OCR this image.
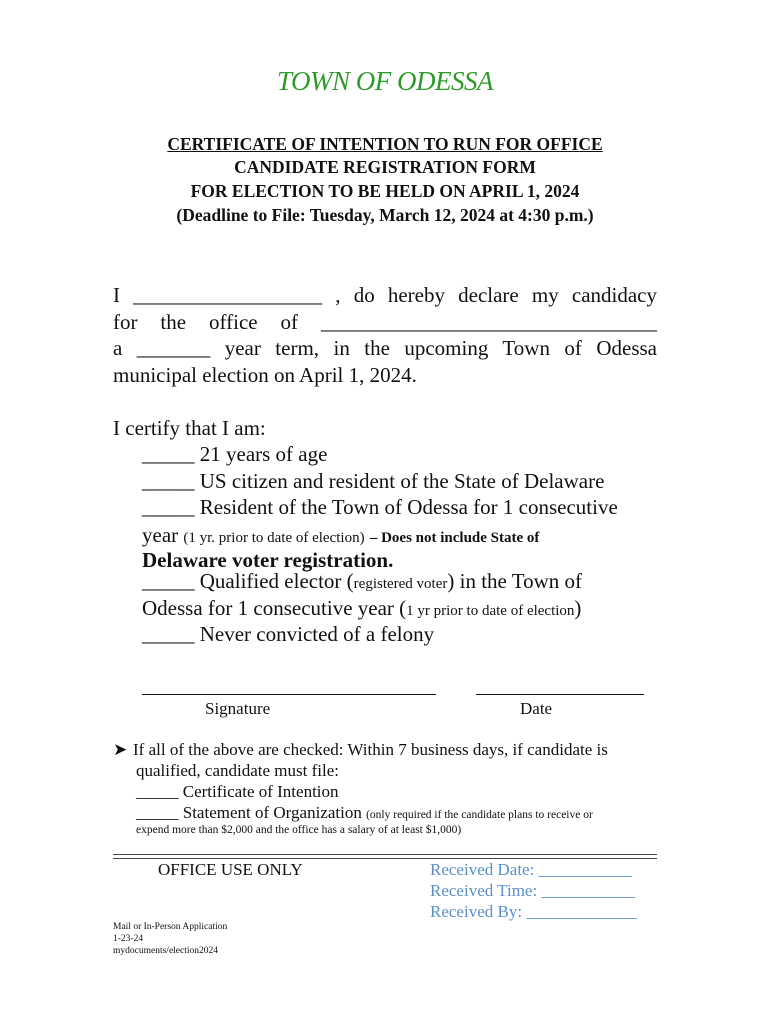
TOWN OF ODESSA
CERTIFICATE OF INTENTION TO RUN FOR OFFICE
CANDIDATE REGISTRATION FORM
FOR ELECTION TO BE HELD ON APRIL 1, 2024
(Deadline to File: Tuesday, March 12, 2024 at 4:30 p.m.)
I __________________ , do hereby declare my candidacy
for the office of ________________________________
a _______ year term, in the upcoming Town of Odessa
municipal election on April 1, 2024.
I certify that I am:
_____ 21 years of age
_____ US citizen and resident of the State of Delaware
_____ Resident of the Town of Odessa for 1 consecutive
year (1 yr. prior to date of election) – Does not include State of
Delaware voter registration.
_____ Qualified elector (registered voter) in the Town of
Odessa for 1 consecutive year (1 yr prior to date of election)
_____ Never convicted of a felony
Signature	Date
➤ If all of the above are checked: Within 7 business days, if candidate is
qualified, candidate must file:
_____ Certificate of Intention
_____ Statement of Organization (only required if the candidate plans to receive or
expend more than $2,000 and the office has a salary of at least $1,000)
OFFICE USE ONLY	Received Date: ___________
Received Time: ___________
Received By: _____________
Mail or In-Person Application
1-23-24
mydocuments/election2024
